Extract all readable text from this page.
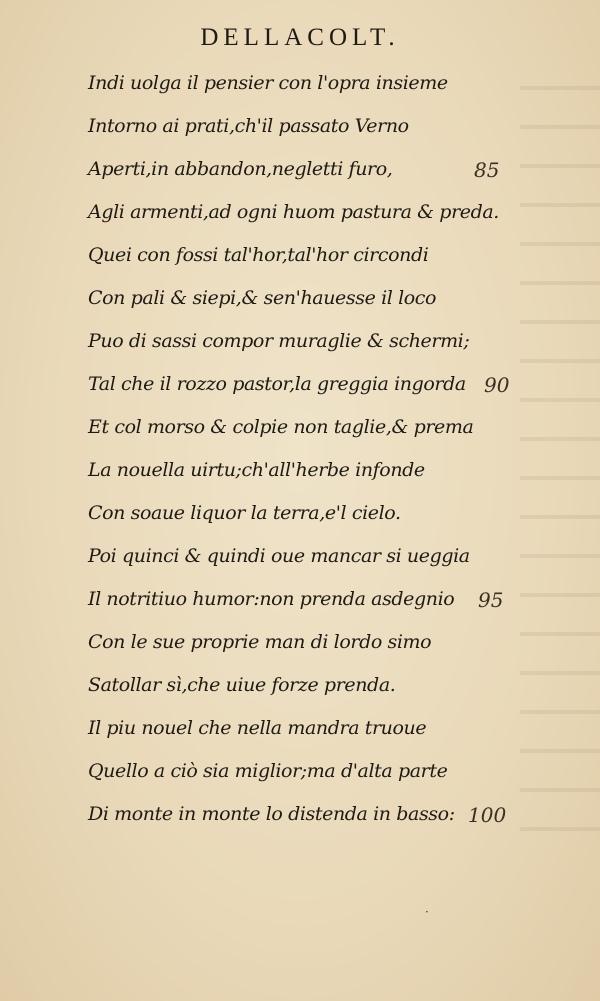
DELLACOLT.
Indi uolga il pensier con l'opra insieme
Intorno ai prati,ch'il passato Verno
Aperti,in abbandon,negletti furo,
Agli armenti,ad ogni huom pastura & preda.
Quei con fossi tal'hor,tal'hor circondi
Con pali & siepi,& sen'hauesse il loco
Puo di sassi compor muraglie & schermi;
Tal che il rozzo pastor,la greggia ingorda
Et col morso & colpie non taglie,& prema
La nouella uirtu;ch'all'herbe infonde
Con soaue liquor la terra,e'l cielo.
Poi quinci & quindi oue mancar si ueggia
Il notritiuo humor:non prenda asdegnio
Con le sue proprie man di lordo simo
Satollar sì,che uiue forze prenda.
Il piu nouel che nella mandra truoue
Quello a ciò sia miglior;ma d'alta parte
Di monte in monte lo distenda in basso:
85
90
95
100
·
